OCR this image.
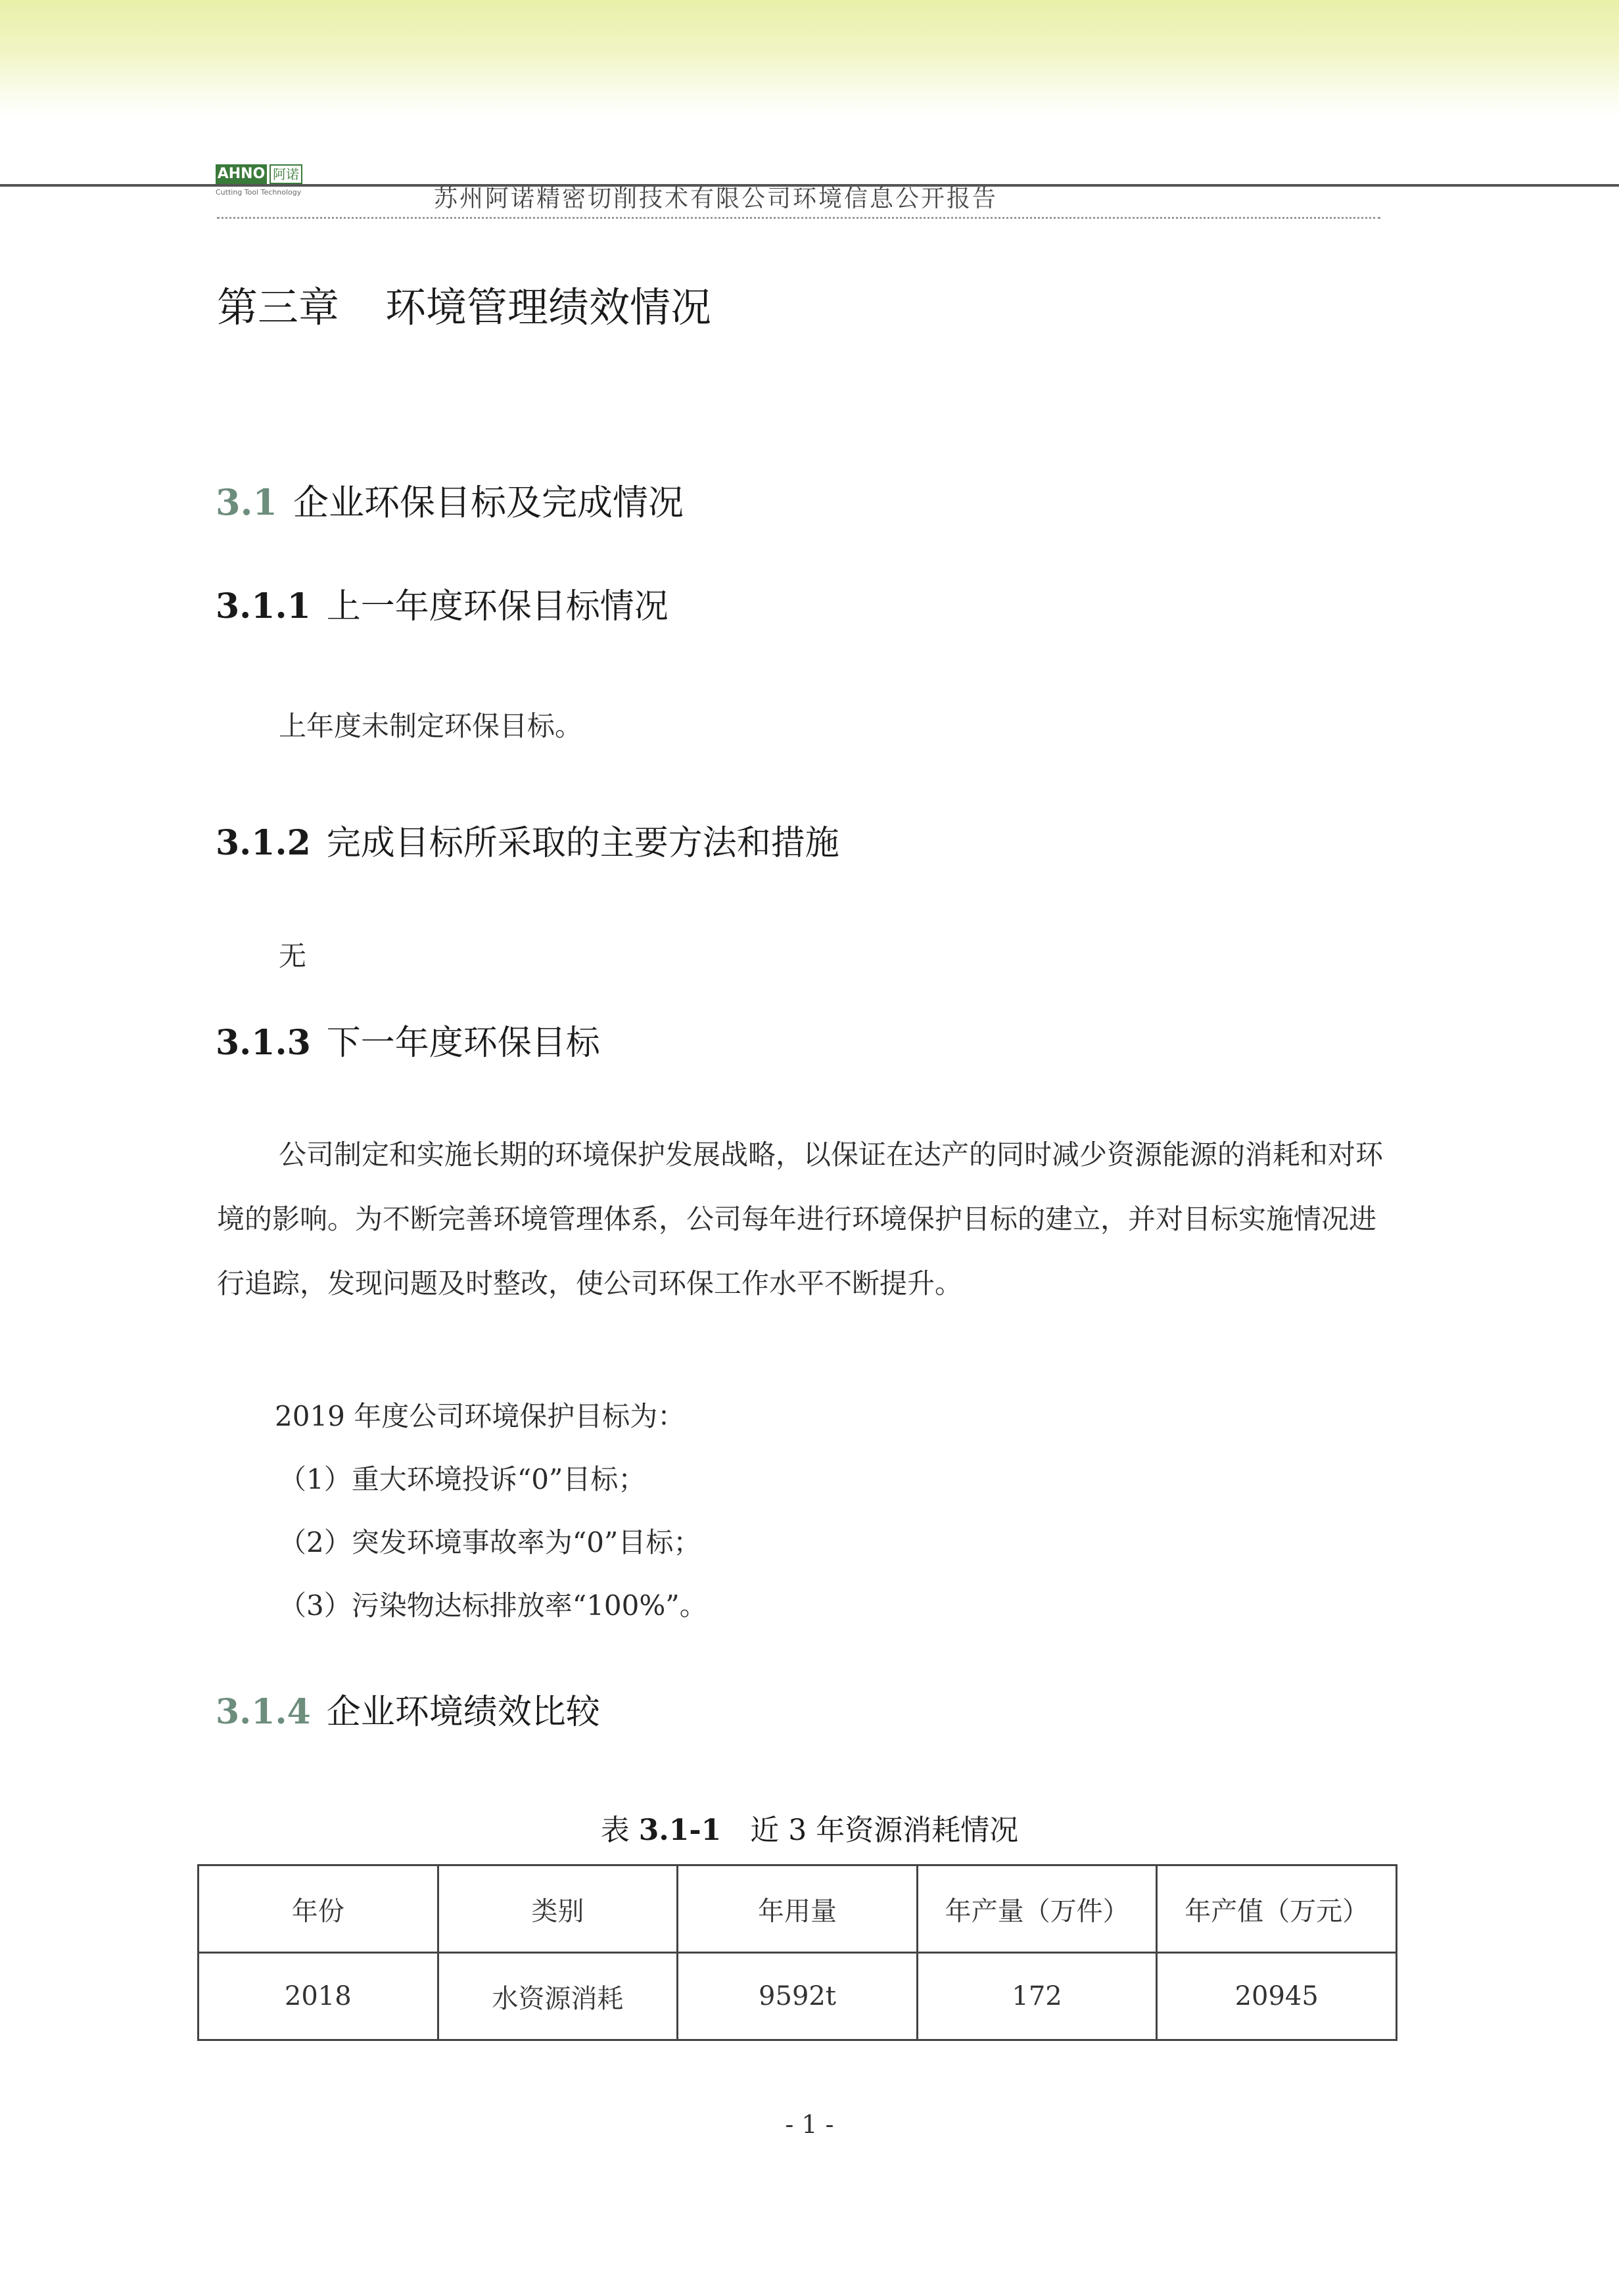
AHNO 阿诺
Cutting Tool Technology	苏州阿诺精密切削技术有限公司环境信息公开报告
第三章 环境管理绩效情况
3.1 企业环保目标及完成情况
3.1.1 上一年度环保目标情况
上年度未制定环保目标。
3.1.2 完成目标所采取的主要方法和措施
无
3.1.3 下一年度环保目标
公司制定和实施长期的环境保护发展战略，以保证在达产的同时减少资源能源的消耗和对环境的影响。为不断完善环境管理体系，公司每年进行环境保护目标的建立，并对目标实施情况进行追踪，发现问题及时整改，使公司环保工作水平不断提升。
2019 年度公司环境保护目标为：
（1）重大环境投诉“0”目标；
（2）突发环境事故率为“0”目标；
（3）污染物达标排放率“100%”。
3.1.4 企业环境绩效比较
表 3.1-1 近 3 年资源消耗情况
年份	类别	年用量	年产量（万件）	年产值（万元）
2018	水资源消耗	9592t	172	20945
- 1 -
